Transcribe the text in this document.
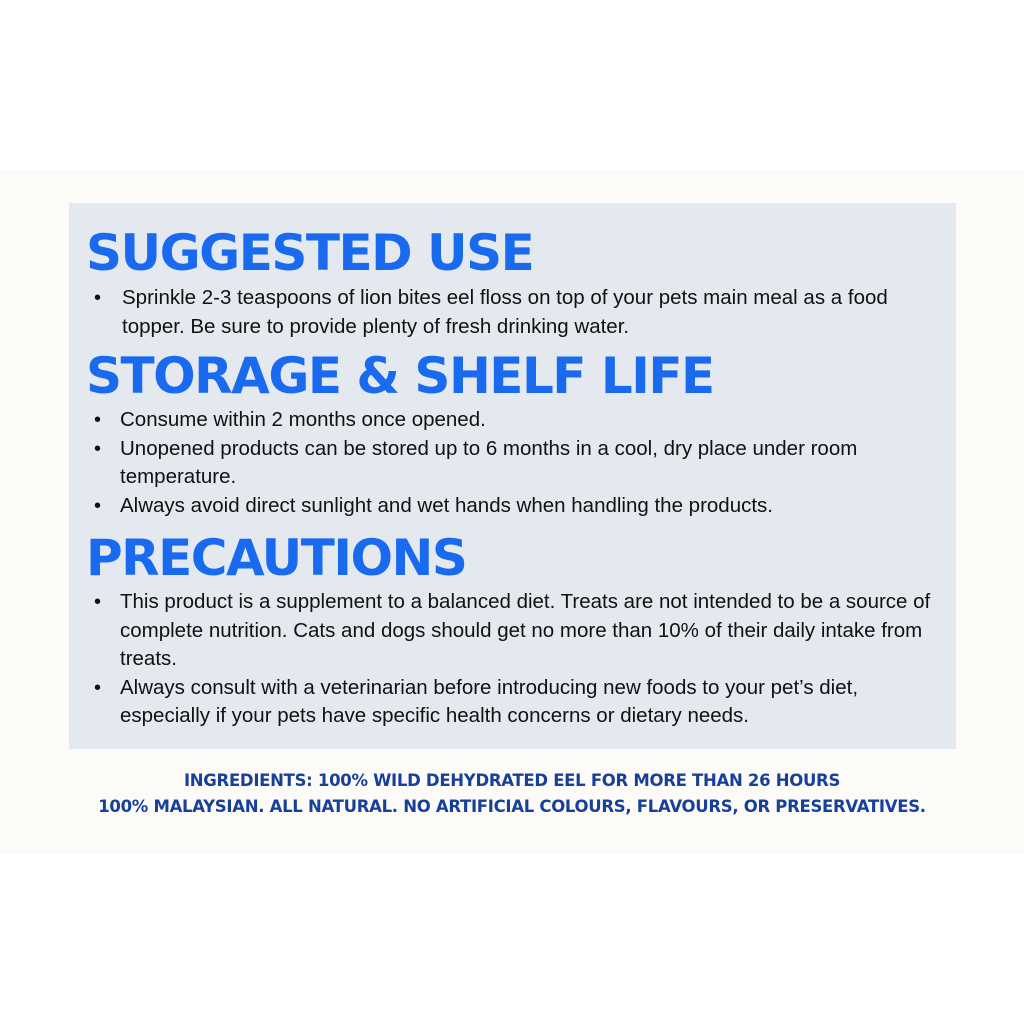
SUGGESTED USE
• Sprinkle 2-3 teaspoons of lion bites eel floss on top of your pets main meal as a food topper. Be sure to provide plenty of fresh drinking water.
STORAGE & SHELF LIFE
• Consume within 2 months once opened.
• Unopened products can be stored up to 6 months in a cool, dry place under room temperature.
• Always avoid direct sunlight and wet hands when handling the products.
PRECAUTIONS
• This product is a supplement to a balanced diet. Treats are not intended to be a source of complete nutrition. Cats and dogs should get no more than 10% of their daily intake from treats.
• Always consult with a veterinarian before introducing new foods to your pet’s diet, especially if your pets have specific health concerns or dietary needs.

INGREDIENTS: 100% WILD DEHYDRATED EEL FOR MORE THAN 26 HOURS

100% MALAYSIAN. ALL NATURAL. NO ARTIFICIAL COLOURS, FLAVOURS, OR PRESERVATIVES.
